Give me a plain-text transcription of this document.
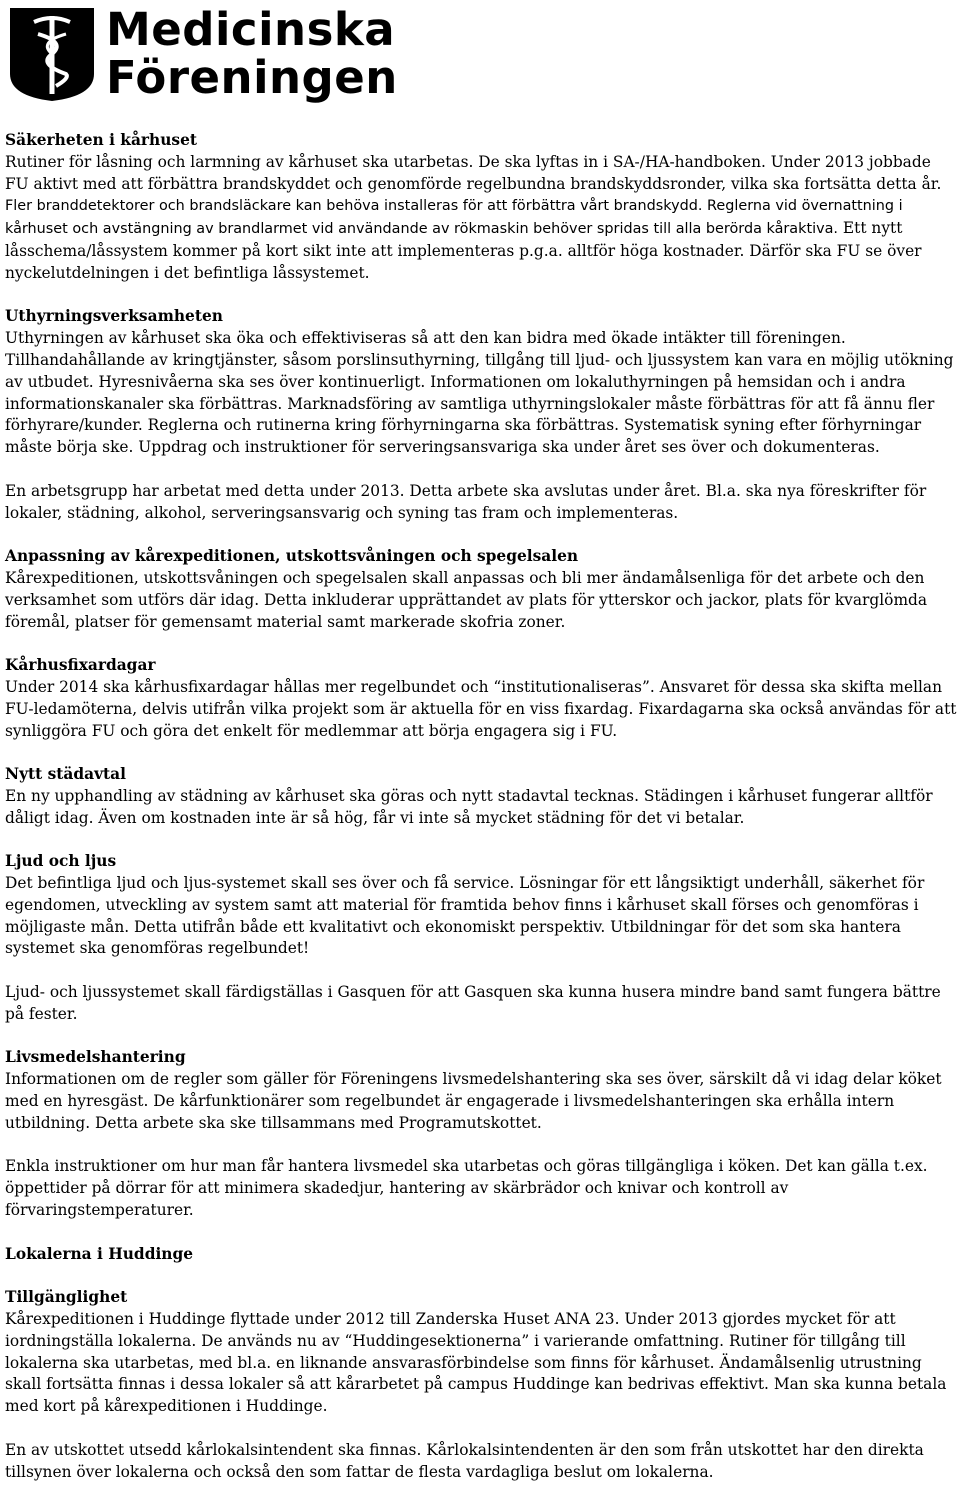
Medicinska
Föreningen
Säkerheten i kårhuset

Rutiner för låsning och larmning av kårhuset ska utarbetas. De ska lyftas in i SA-/HA-handboken. Under 2013 jobbade FU aktivt med att förbättra brandskyddet och genomförde regelbundna brandskyddsronder, vilka ska fortsätta detta år. Fler branddetektorer och brandsläckare kan behöva installeras för att förbättra vårt brandskydd. Reglerna vid övernattning i kårhuset och avstängning av brandlarmet vid användande av rökmaskin behöver spridas till alla berörda kåraktiva. Ett nytt låsschema/låssystem kommer på kort sikt inte att implementeras p.g.a. alltför höga kostnader. Därför ska FU se över nyckelutdelningen i det befintliga låssystemet.

Uthyrningsverksamheten

Uthyrningen av kårhuset ska öka och effektiviseras så att den kan bidra med ökade intäkter till föreningen. Tillhandahållande av kringtjänster, såsom porslinsuthyrning, tillgång till ljud- och ljussystem kan vara en möjlig utökning av utbudet. Hyresnivåerna ska ses över kontinuerligt. Informationen om lokaluthyrningen på hemsidan och i andra informationskanaler ska förbättras. Marknadsföring av samtliga uthyrningslokaler måste förbättras för att få ännu fler förhyrare/kunder. Reglerna och rutinerna kring förhyrningarna ska förbättras. Systematisk syning efter förhyrningar måste börja ske. Uppdrag och instruktioner för serveringsansvariga ska under året ses över och dokumenteras.

En arbetsgrupp har arbetat med detta under 2013. Detta arbete ska avslutas under året. Bl.a. ska nya föreskrifter för lokaler, städning, alkohol, serveringsansvarig och syning tas fram och implementeras.

Anpassning av kårexpeditionen, utskottsvåningen och spegelsalen

Kårexpeditionen, utskottsvåningen och spegelsalen skall anpassas och bli mer ändamålsenliga för det arbete och den verksamhet som utförs där idag. Detta inkluderar upprättandet av plats för ytterskor och jackor, plats för kvarglömda föremål, platser för gemensamt material samt markerade skofria zoner.

Kårhusfixardagar

Under 2014 ska kårhusfixardagar hållas mer regelbundet och “institutionaliseras”. Ansvaret för dessa ska skifta mellan FU-ledamöterna, delvis utifrån vilka projekt som är aktuella för en viss fixardag. Fixardagarna ska också användas för att synliggöra FU och göra det enkelt för medlemmar att börja engagera sig i FU.

Nytt städavtal

En ny upphandling av städning av kårhuset ska göras och nytt stadavtal tecknas. Städingen i kårhuset fungerar alltför dåligt idag. Även om kostnaden inte är så hög, får vi inte så mycket städning för det vi betalar.

Ljud och ljus

Det befintliga ljud och ljus-systemet skall ses över och få service. Lösningar för ett långsiktigt underhåll, säkerhet för egendomen, utveckling av system samt att material för framtida behov finns i kårhuset skall förses och genomföras i möjligaste mån. Detta utifrån både ett kvalitativt och ekonomiskt perspektiv. Utbildningar för det som ska hantera systemet ska genomföras regelbundet!

Ljud- och ljussystemet skall färdigställas i Gasquen för att Gasquen ska kunna husera mindre band samt fungera bättre på fester.

Livsmedelshantering

Informationen om de regler som gäller för Föreningens livsmedelshantering ska ses över, särskilt då vi idag delar köket med en hyresgäst. De kårfunktionärer som regelbundet är engagerade i livsmedelshanteringen ska erhålla intern utbildning. Detta arbete ska ske tillsammans med Programutskottet.

Enkla instruktioner om hur man får hantera livsmedel ska utarbetas och göras tillgängliga i köken. Det kan gälla t.ex. öppettider på dörrar för att minimera skadedjur, hantering av skärbrädor och knivar och kontroll av förvaringstemperaturer.

Lokalerna i Huddinge
Tillgänglighet

Kårexpeditionen i Huddinge flyttade under 2012 till Zanderska Huset ANA 23. Under 2013 gjordes mycket för att iordningställa lokalerna. De används nu av “Huddingesektionerna” i varierande omfattning. Rutiner för tillgång till lokalerna ska utarbetas, med bl.a. en liknande ansvarasförbindelse som finns för kårhuset. Ändamålsenlig utrustning skall fortsätta finnas i dessa lokaler så att kårarbetet på campus Huddinge kan bedrivas effektivt. Man ska kunna betala med kort på kårexpeditionen i Huddinge.

En av utskottet utsedd kårlokalsintendent ska finnas. Kårlokalsintendenten är den som från utskottet har den direkta tillsynen över lokalerna och också den som fattar de flesta vardagliga beslut om lokalerna.
